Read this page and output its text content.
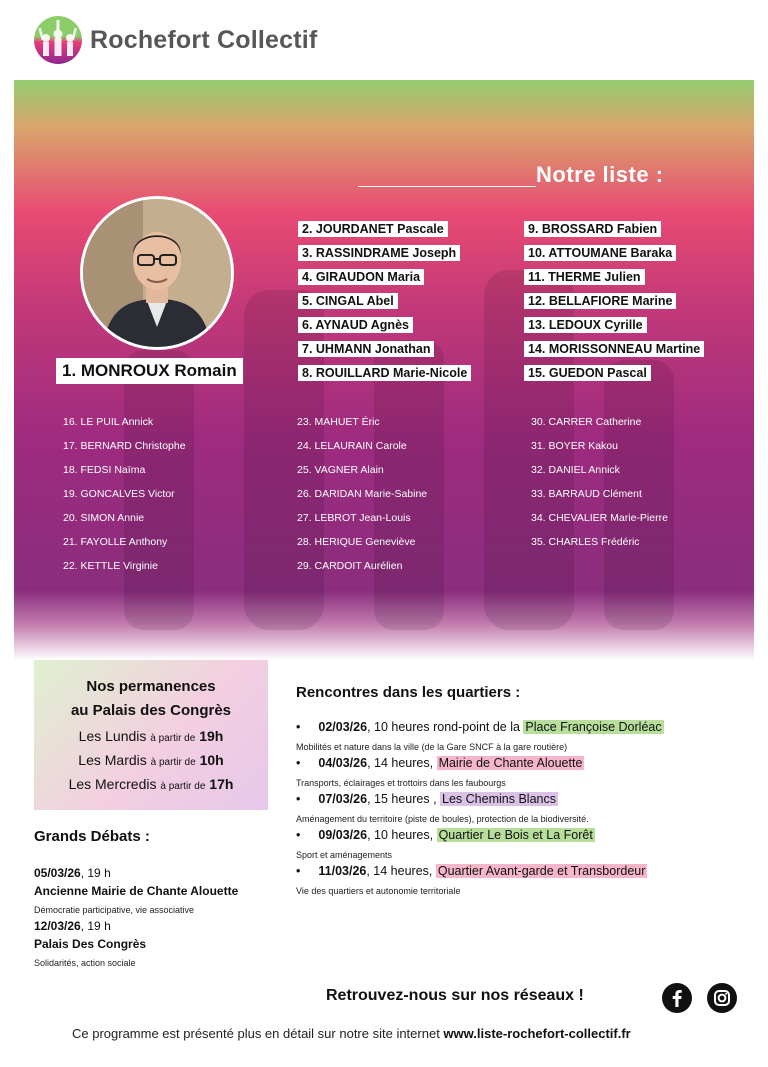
Rochefort Collectif
Notre liste :
1. MONROUX Romain
2. JOURDANET Pascale
3. RASSINDRAME Joseph
4. GIRAUDON Maria
5. CINGAL Abel
6. AYNAUD Agnès
7. UHMANN Jonathan
8. ROUILLARD Marie-Nicole
9. BROSSARD Fabien
10. ATTOUMANE Baraka
11. THERME Julien
12. BELLAFIORE Marine
13. LEDOUX Cyrille
14. MORISSONNEAU Martine
15. GUEDON Pascal
16. LE PUIL Annick
17. BERNARD Christophe
18. FEDSI Naïma
19. GONCALVES Victor
20. SIMON Annie
21. FAYOLLE Anthony
22. KETTLE Virginie
23. MAHUET Éric
24. LELAURAIN Carole
25. VAGNER Alain
26. DARIDAN Marie-Sabine
27. LEBROT Jean-Louis
28. HERIQUE Geneviève
29. CARDOIT Aurélien
30. CARRER Catherine
31. BOYER Kakou
32. DANIEL Annick
33. BARRAUD Clément
34. CHEVALIER Marie-Pierre
35. CHARLES Frédéric
Nos permanences
au Palais des Congrès
Les Lundis à partir de 19h
Les Mardis à partir de 10h
Les Mercredis à partir de 17h
Grands Débats :
05/03/26, 19 h
Ancienne Mairie de Chante Alouette
Démocratie participative, vie associative
12/03/26, 19 h
Palais Des Congrès
Solidarités, action sociale
Rencontres dans les quartiers :
• 02/03/26, 10 heures rond-point de la Place Françoise Dorléac
Mobilités et nature dans la ville (de la Gare SNCF à la gare routière)
• 04/03/26, 14 heures, Mairie de Chante Alouette
Transports, éclairages et trottoirs dans les faubourgs
• 07/03/26, 15 heures , Les Chemins Blancs
Aménagement du territoire (piste de boules), protection de la biodiversité.
• 09/03/26, 10 heures, Quartier Le Bois et La Forêt
Sport et aménagements
• 11/03/26, 14 heures, Quartier Avant-garde et Transbordeur
Vie des quartiers et autonomie territoriale
Retrouvez-nous sur nos réseaux !
Ce programme est présenté plus en détail sur notre site internet www.liste-rochefort-collectif.fr
